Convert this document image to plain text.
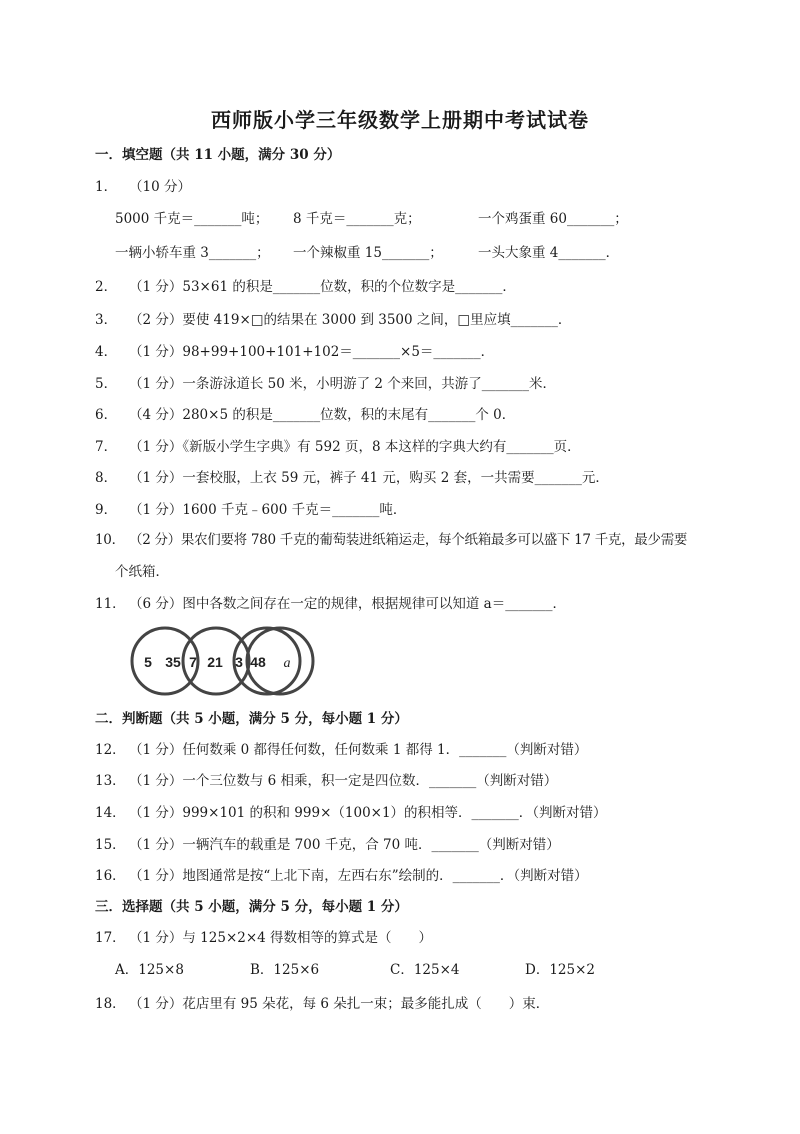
西师版小学三年级数学上册期中考试试卷
一．填空题（共 11 小题，满分 30 分）
1． （10 分）
5000 千克＝_______吨； 8 千克＝_______克；	一个鸡蛋重 60_______；
一辆小轿车重 3_______； 一个辣椒重 15_______；	一头大象重 4_______．
2． （1 分）53×61 的积是_______位数，积的个位数字是_______．
3． （2 分）要使 419×□的结果在 3000 到 3500 之间，□里应填_______．
4． （1 分）98+99+100+101+102＝_______×5＝_______．
5． （1 分）一条游泳道长 50 米，小明游了 2 个来回，共游了_______米．
6． （4 分）280×5 的积是_______位数，积的末尾有_______个 0．
7． （1 分）《新版小学生字典》有 592 页，8 本这样的字典大约有_______页．
8． （1 分）一套校服，上衣 59 元，裤子 41 元，购买 2 套，一共需要_______元．
9． （1 分）1600 千克﹣600 千克＝_______吨．
10． （2 分）果农们要将 780 千克的葡萄装进纸箱运走，每个纸箱最多可以盛下 17 千克，最少需要
个纸箱．
11． （6 分）图中各数之间存在一定的规律，根据规律可以知道 a＝_______．
5 35 7 21 3 48 a
二．判断题（共 5 小题，满分 5 分，每小题 1 分）
12． （1 分）任何数乘 0 都得任何数，任何数乘 1 都得 1．_______（判断对错）
13． （1 分）一个三位数与 6 相乘，积一定是四位数．_______（判断对错）
14． （1 分）999×101 的积和 999×（100×1）的积相等．_______．（判断对错）
15． （1 分）一辆汽车的载重是 700 千克，合 70 吨．_______（判断对错）
16． （1 分）地图通常是按“上北下南，左西右东”绘制的．_______．（判断对错）
三．选择题（共 5 小题，满分 5 分，每小题 1 分）
17． （1 分）与 125×2×4 得数相等的算式是（　　）
A．125×8	B．125×6	C．125×4	D．125×2
18． （1 分）花店里有 95 朵花，每 6 朵扎一束；最多能扎成（　　）束．
